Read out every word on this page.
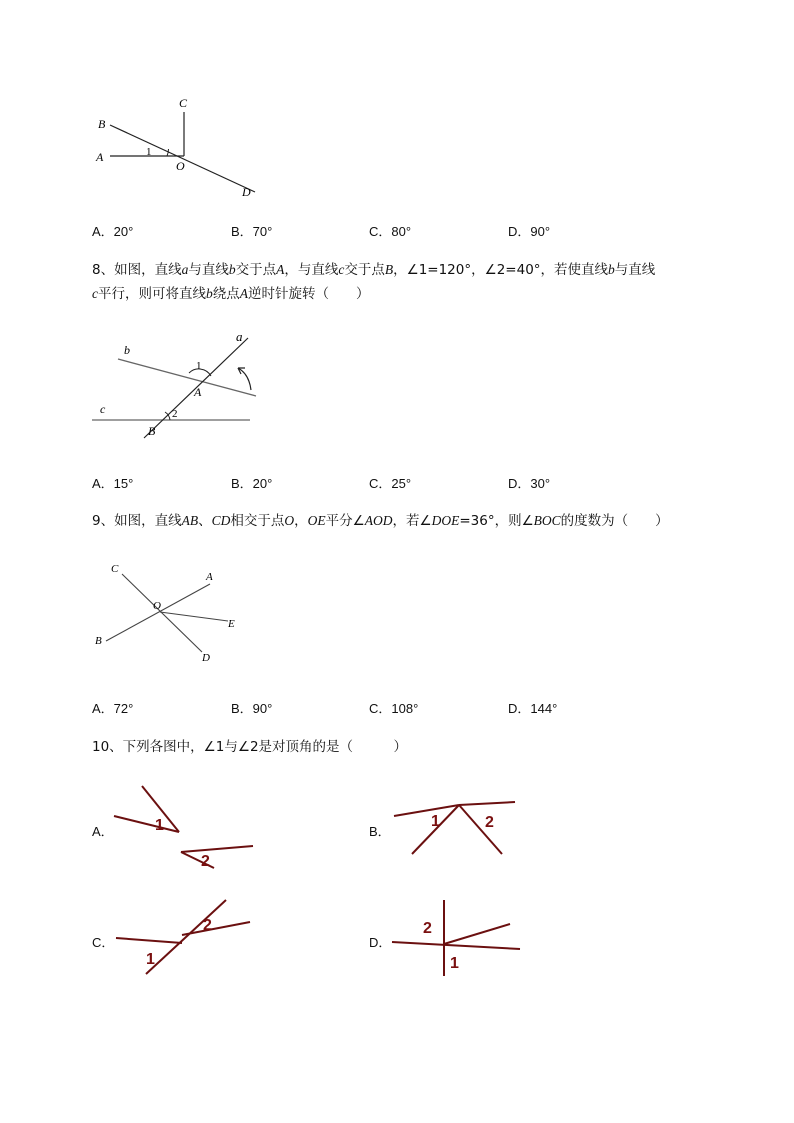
C
B
A	1
O
D
A．20°	B．70°	C．80°	D．90°
8、如图，直线a与直线b交于点A，与直线c交于点B，∠1=120°，∠2=40°，若使直线b与直线
c平行，则可将直线b绕点A逆时针旋转（　　）
a
b
1
A
c	2
B
A．15°	B．20°	C．25°	D．30°
9、如图，直线AB、CD相交于点O，OE平分∠AOD，若∠DOE=36°，则∠BOC的度数为（　　）
C
A
O
E
B
D
A．72°	B．90°	C．108°	D．144°
10、下列各图中，∠1与∠2是对顶角的是（　　　）
A．	1
2
B．
1	2
C．
1
2
D．
2
1
